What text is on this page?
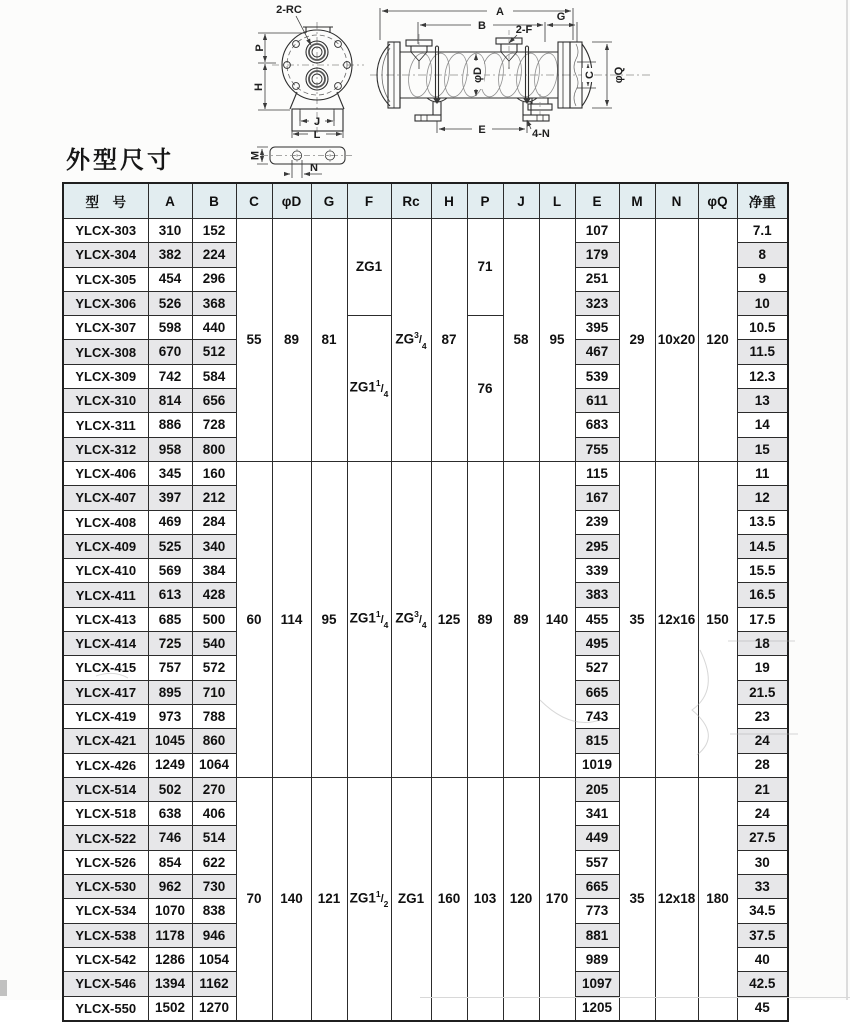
2-RC
P
H
J
L
A
B
G
2-F
φD	C φQ
E	4-N
M
N
外型尺寸
型　号	A	B	C	φD	G	F	Rc	H	P	J	L	E	M	N	φQ	净重
YLCX-303	310	152	55	89	81	ZG1	$ZG^3/_4$	87	71	58	95	107	29	10x20	120	7.1
YLCX-304	382	224										179				8
YLCX-305	454	296										251				9
YLCX-306	526	368										323				10
YLCX-307	598	440				$ZG1^1/_4$			76			395				10.5
YLCX-308	670	512										467				11.5
YLCX-309	742	584										539				12.3
YLCX-310	814	656										611				13
YLCX-311	886	728										683				14
YLCX-312	958	800										755				15
YLCX-406	345	160	60	114	95	$ZG1^1/_4$	$ZG^3/_4$	125	89	89	140	115	35	12x16	150	11
YLCX-407	397	212										167				12
YLCX-408	469	284										239				13.5
YLCX-409	525	340										295				14.5
YLCX-410	569	384										339				15.5
YLCX-411	613	428										383				16.5
YLCX-413	685	500										455				17.5
YLCX-414	725	540										495				18
YLCX-415	757	572										527				19
YLCX-417	895	710										665				21.5
YLCX-419	973	788										743				23
YLCX-421	1045	860										815				24
YLCX-426	1249	1064										1019				28
YLCX-514	502	270	70	140	121	$ZG1^1/_2$	ZG1	160	103	120	170	205	35	12x18	180	21
YLCX-518	638	406										341				24
YLCX-522	746	514										449				27.5
YLCX-526	854	622										557				30
YLCX-530	962	730										665				33
YLCX-534	1070	838										773				34.5
YLCX-538	1178	946										881				37.5
YLCX-542	1286	1054										989				40
YLCX-546	1394	1162										1097				42.5
YLCX-550	1502	1270										1205				45
